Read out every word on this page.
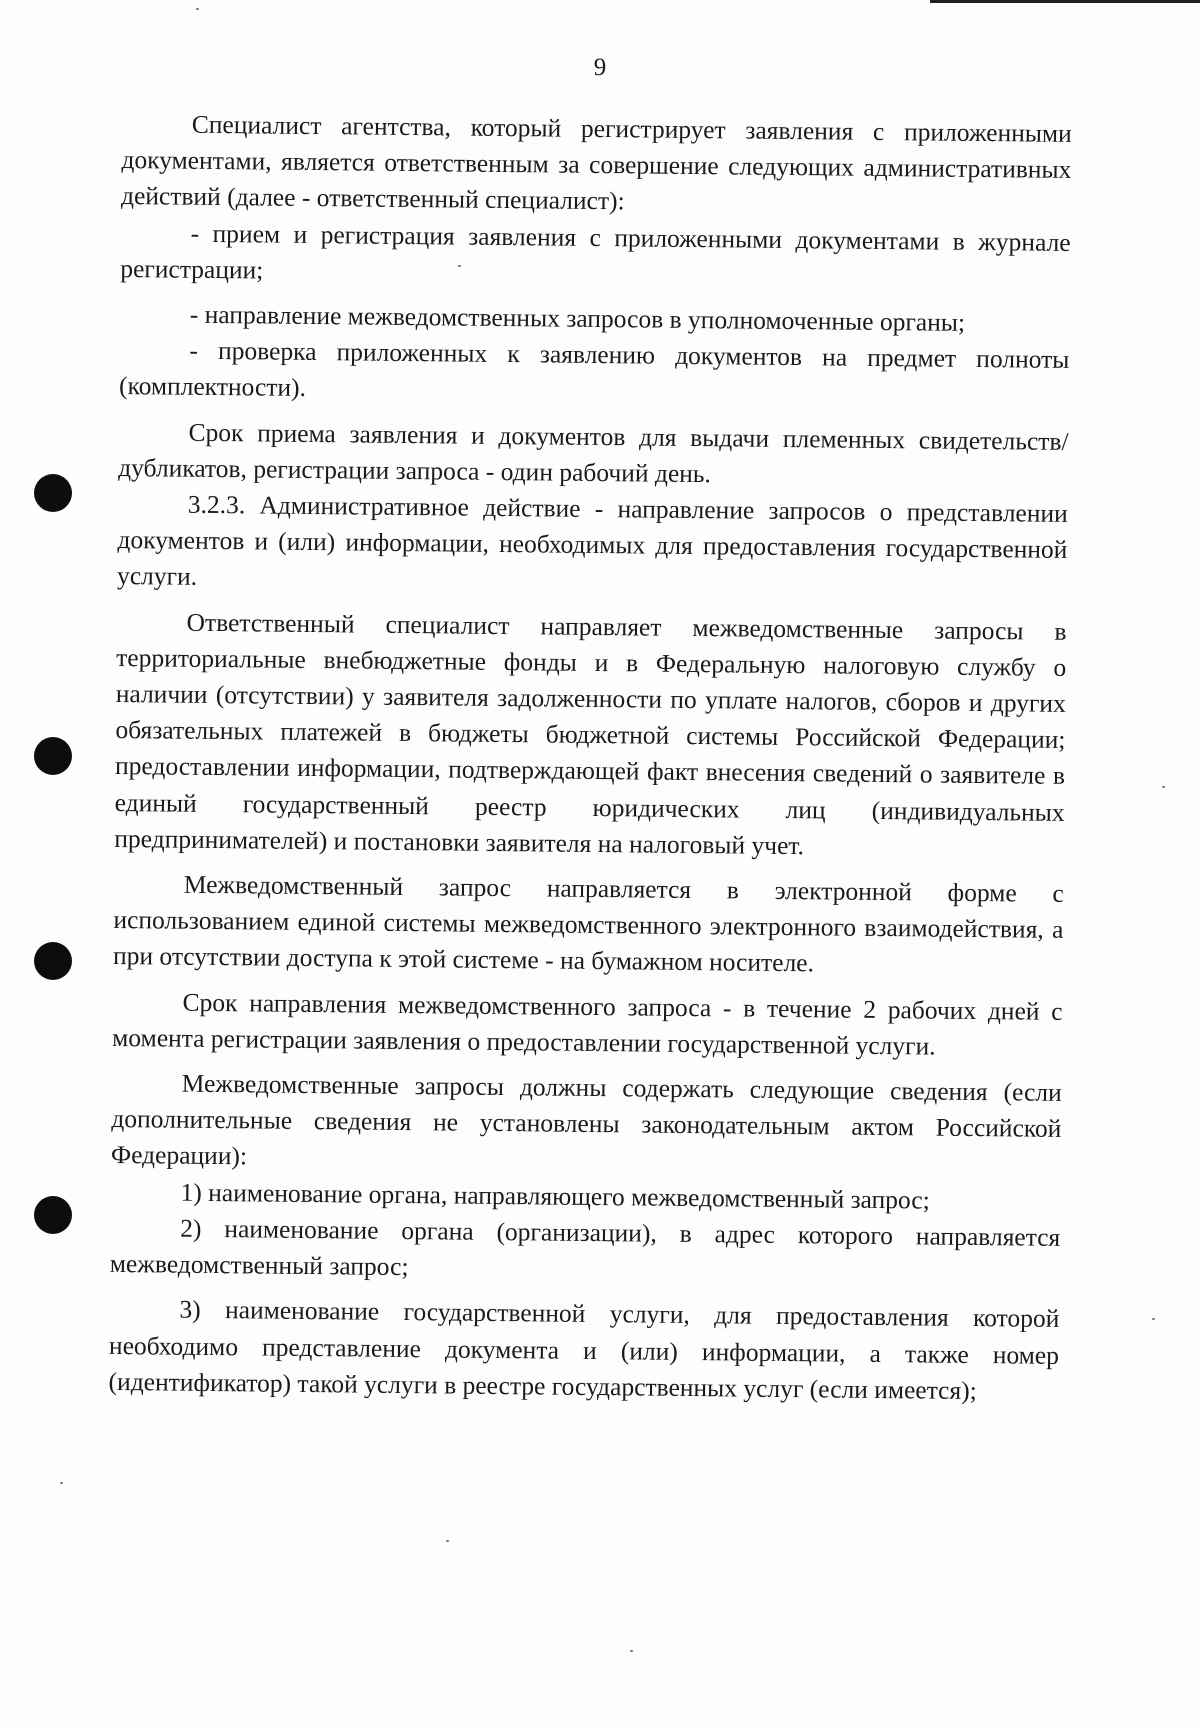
9

Специалист агентства, который регистрирует заявления с приложенными документами, является ответственным за совершение следующих административных действий (далее - ответственный специалист):

- прием и регистрация заявления с приложенными документами в журнале регистрации;

- направление межведомственных запросов в уполномоченные органы;

- проверка приложенных к заявлению документов на предмет полноты (комплектности).

Срок приема заявления и документов для выдачи племенных свидетельств/дубликатов, регистрации запроса - один рабочий день.

3.2.3. Административное действие - направление запросов о представлении документов и (или) информации, необходимых для предоставления государственной услуги.

Ответственный специалист направляет межведомственные запросы в территориальные внебюджетные фонды и в Федеральную налоговую службу о наличии (отсутствии) у заявителя задолженности по уплате налогов, сборов и других обязательных платежей в бюджеты бюджетной системы Российской Федерации; предоставлении информации, подтверждающей факт внесения сведений о заявителе в единый государственный реестр юридических лиц (индивидуальных предпринимателей) и постановки заявителя на налоговый учет.

Межведомственный запрос направляется в электронной форме с использованием единой системы межведомственного электронного взаимодействия, а при отсутствии доступа к этой системе - на бумажном носителе.

Срок направления межведомственного запроса - в течение 2 рабочих дней с момента регистрации заявления о предоставлении государственной услуги.

Межведомственные запросы должны содержать следующие сведения (если дополнительные сведения не установлены законодательным актом Российской Федерации):

1) наименование органа, направляющего межведомственный запрос;

2) наименование органа (организации), в адрес которого направляется межведомственный запрос;

3) наименование государственной услуги, для предоставления которой необходимо представление документа и (или) информации, а также номер (идентификатор) такой услуги в реестре государственных услуг (если имеется);
